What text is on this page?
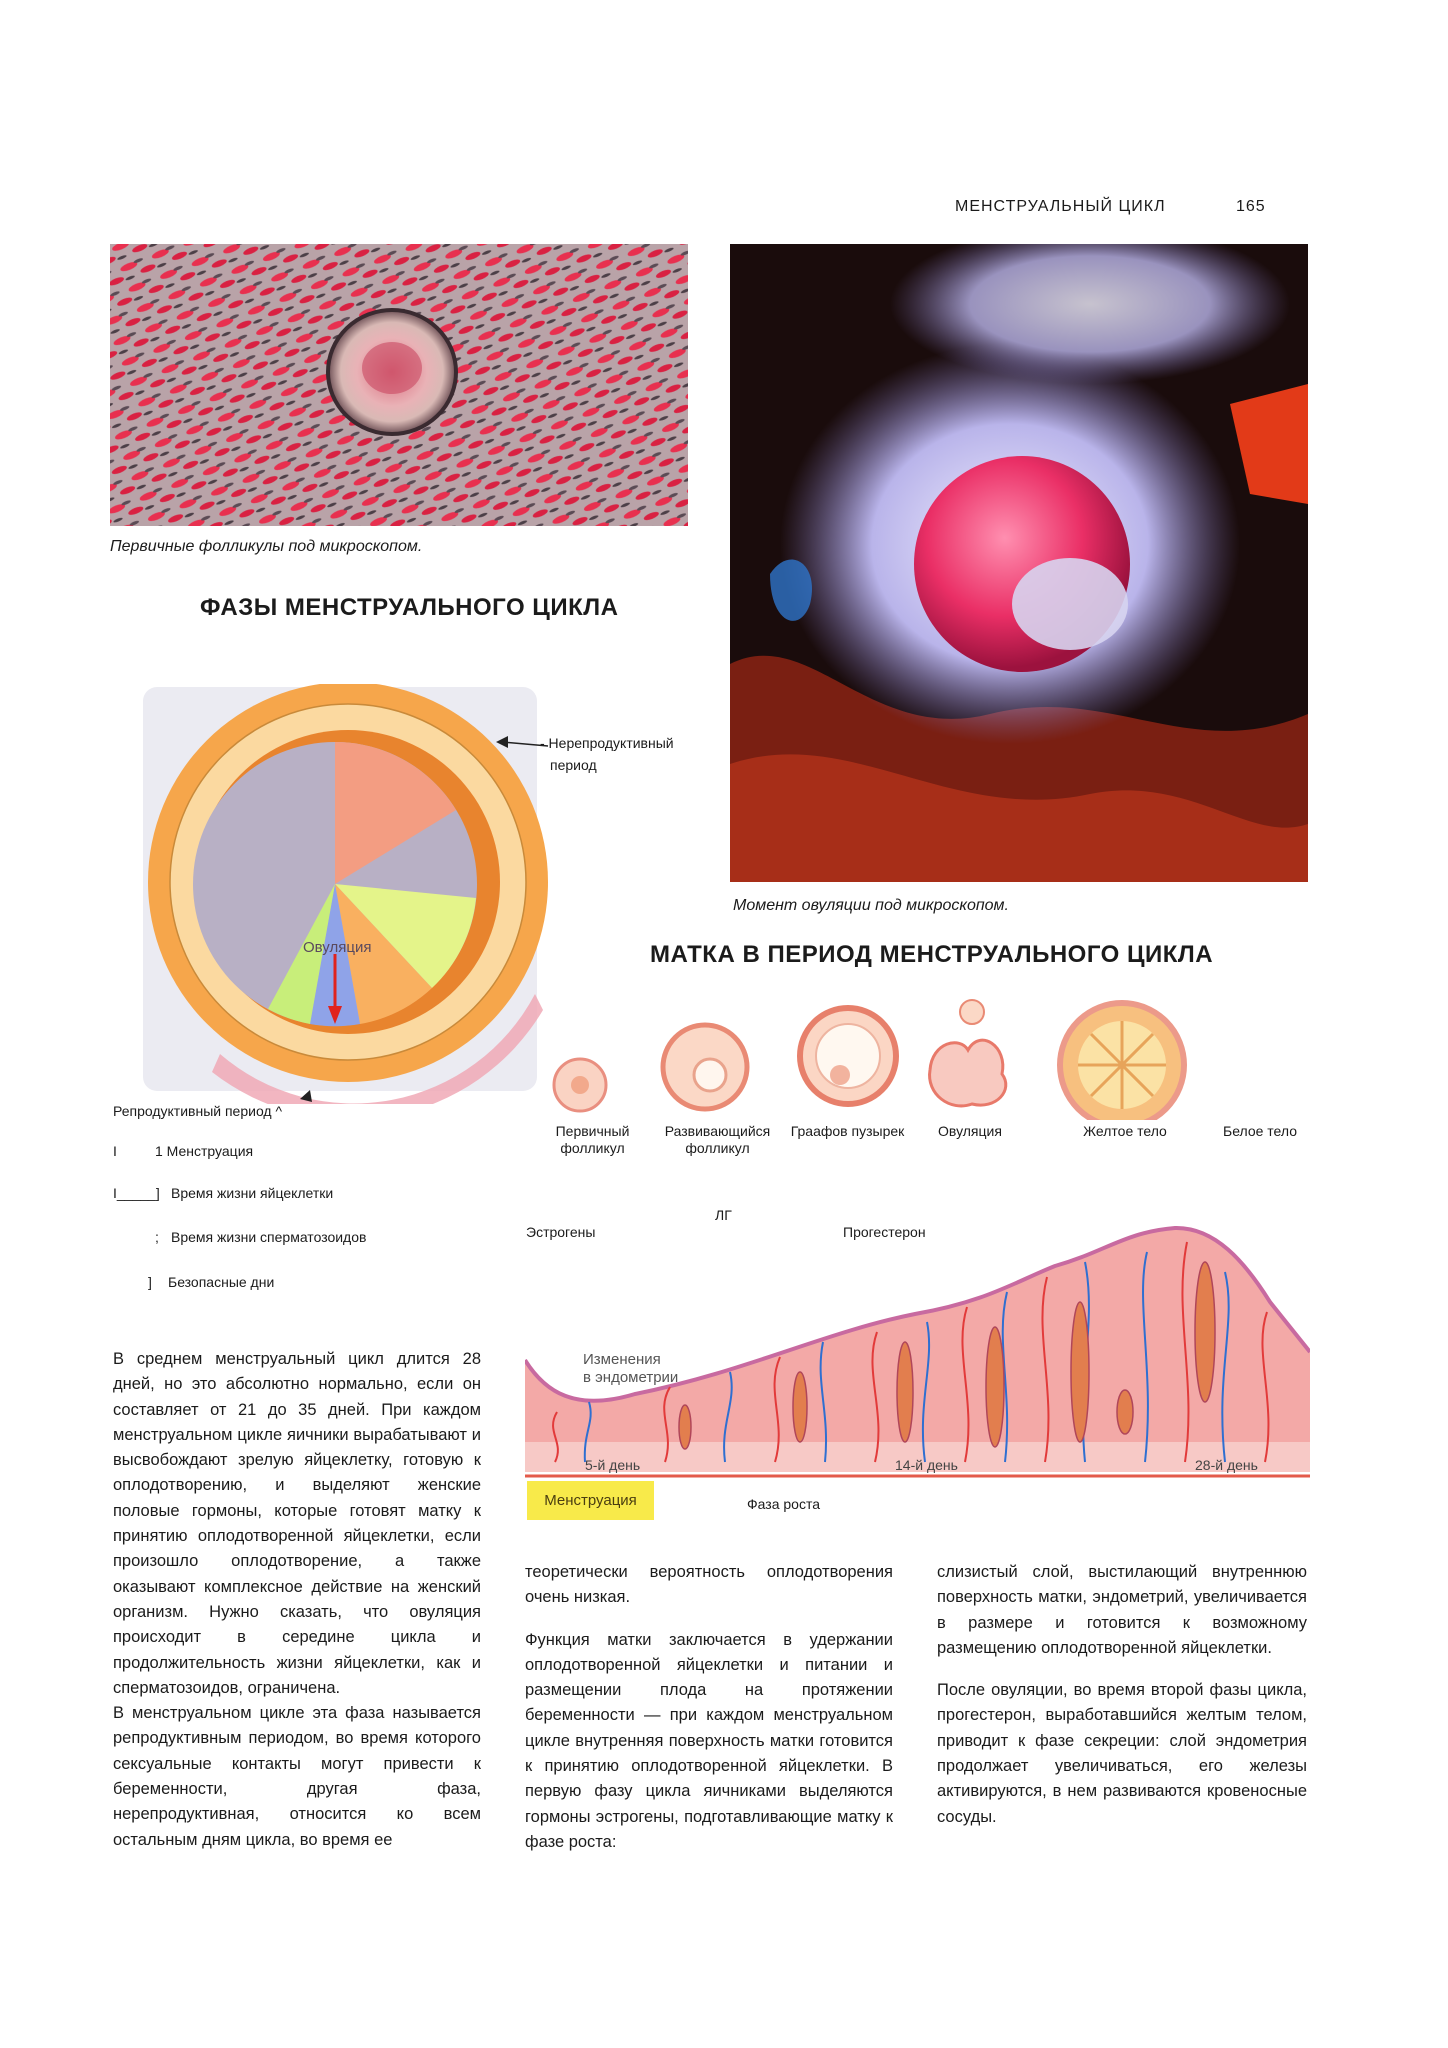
МЕНСТРУАЛЬНЫЙ ЦИКЛ	165
Первичные фолликулы под микроскопом.
Момент овуляции под микроскопом.
ФАЗЫ МЕНСТРУАЛЬНОГО ЦИКЛА
Овуляция
- Нерепродуктивный
период
Репродуктивный период ^
I	1 Менструация
I_____] Время жизни яйцеклетки
; Время жизни сперматозоидов
] Безопасные дни
МАТКА В ПЕРИОД МЕНСТРУАЛЬНОГО ЦИКЛА
Первичный
фолликул
Развивающийся
фолликул
Граафов пузырек	Овуляция	Желтое тело	Белое тело
Эстрогены
ЛГ
Прогестерон
5-й день	14-й день	28-й день
Изменения
в эндометрии
Менструация	Фаза роста

В среднем менструальный цикл длится 28 дней, но это абсолютно нормально, если он составляет от 21 до 35 дней. При каждом менструальном цикле яичники вырабатывают и высвобождают зрелую яйцеклетку, готовую к оплодотворению, и выделяют женские половые гормоны, которые готовят матку к принятию оплодотворенной яйцеклетки, если произошло оплодотворение, а также оказывают комплексное действие на женский организм. Нужно сказать, что овуляция происходит в середине цикла и продолжительность жизни яйцеклетки, как и сперматозоидов, ограничена.

В менструальном цикле эта фаза называется репродуктивным периодом, во время которого сексуальные контакты могут привести к беременности, другая фаза, нерепродуктивная, относится ко всем остальным дням цикла, во время ее

теоретически вероятность оплодотворения очень низкая.

Функция матки заключается в удержании оплодотворенной яйцеклетки и питании и размещении плода на протяжении беременности — при каждом менструальном цикле внутренняя поверхность матки готовится к принятию оплодотворенной яйцеклетки. В первую фазу цикла яичниками выделяются гормоны эстрогены, подготавливающие матку к фазе роста:

слизистый слой, выстилающий внутреннюю поверхность матки, эндометрий, увеличивается в размере и готовится к возможному размещению оплодотворенной яйцеклетки.

После овуляции, во время второй фазы цикла, прогестерон, выработавшийся желтым телом, приводит к фазе секреции: слой эндометрия продолжает увеличиваться, его железы активируются, в нем развиваются кровеносные сосуды.
